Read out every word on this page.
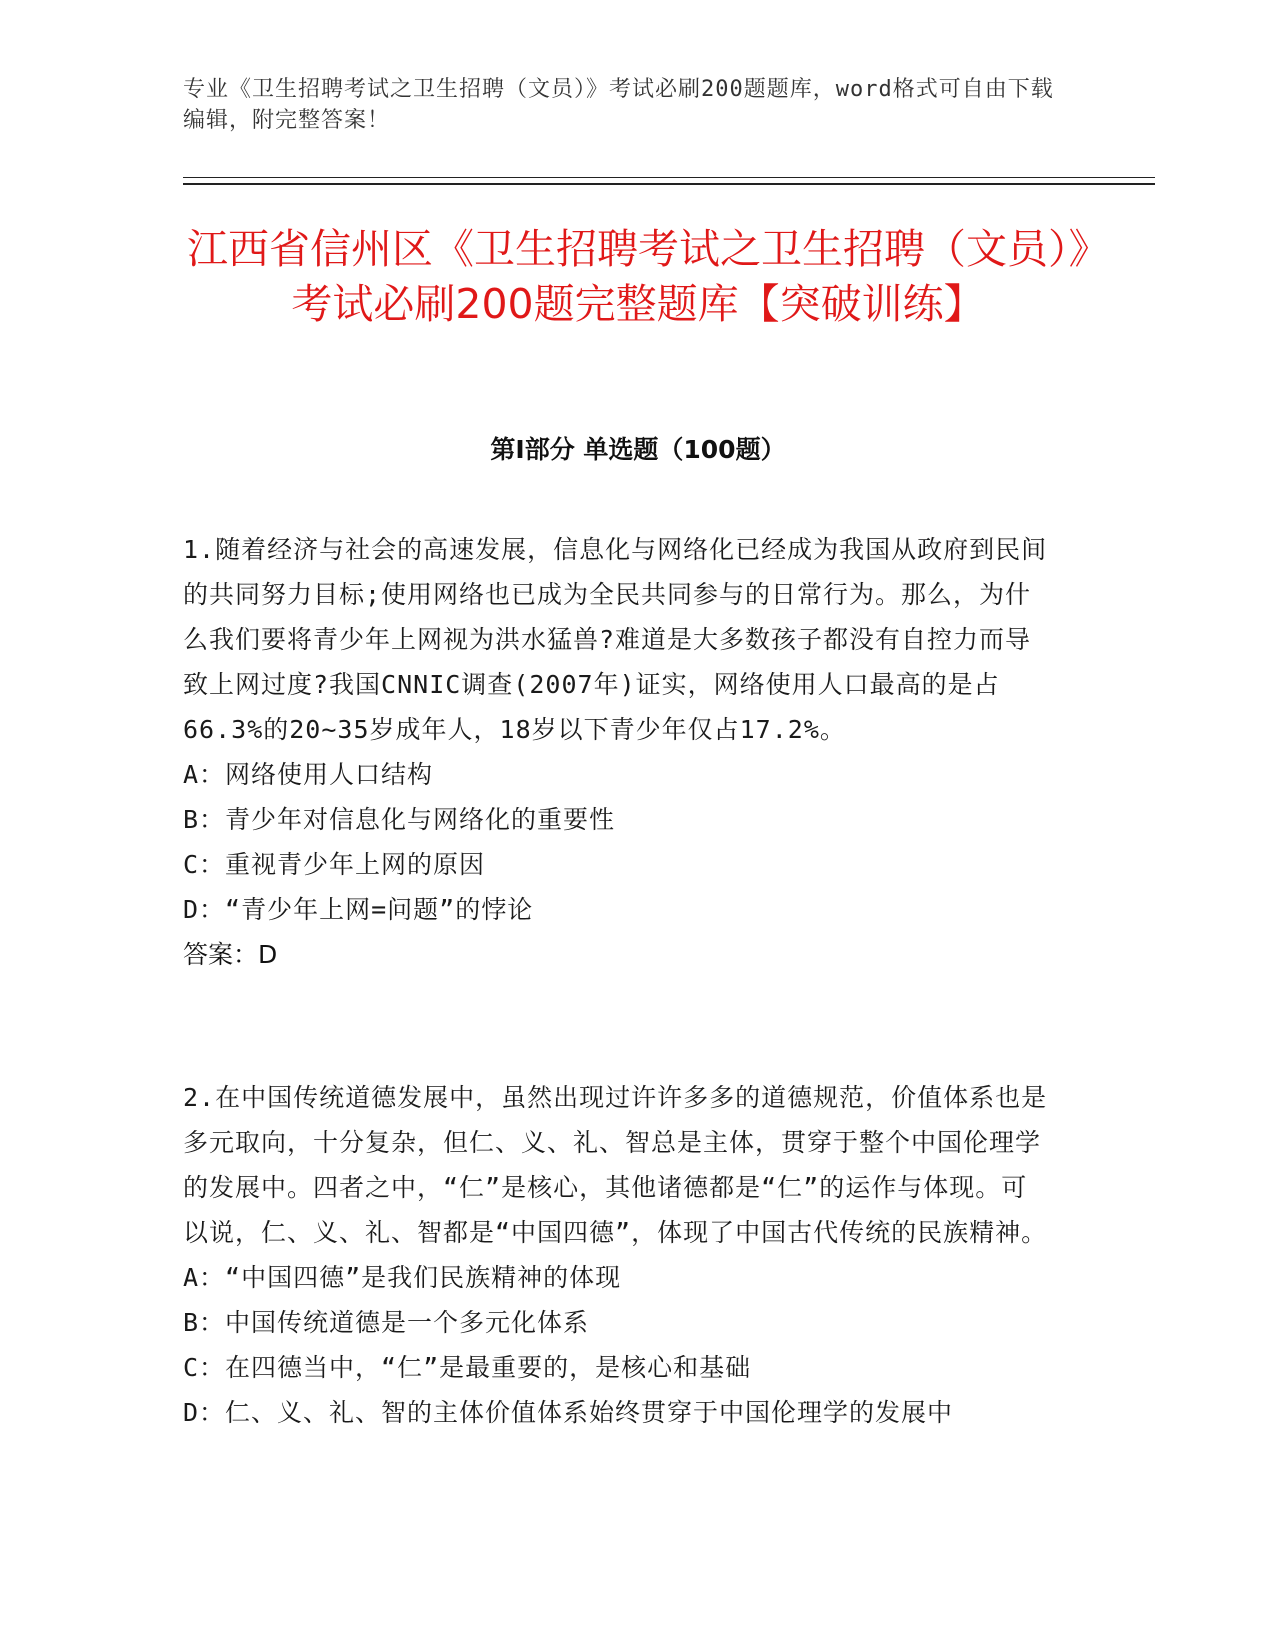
专业《卫生招聘考试之卫生招聘（文员）》考试必刷200题题库，word格式可自由下载编辑，附完整答案！
江西省信州区《卫生招聘考试之卫生招聘（文员）》考试必刷200题完整题库【突破训练】
第I部分 单选题（100题）

1.随着经济与社会的高速发展，信息化与网络化已经成为我国从政府到民间的共同努力目标;使用网络也已成为全民共同参与的日常行为。那么，为什么我们要将青少年上网视为洪水猛兽?难道是大多数孩子都没有自控力而导致上网过度?我国CNNIC调查(2007年)证实，网络使用人口最高的是占66.3%的20~35岁成年人，18岁以下青少年仅占17.2%。

A：网络使用人口结构

B：青少年对信息化与网络化的重要性

C：重视青少年上网的原因

D：“青少年上网=问题”的悖论

答案：D

2.在中国传统道德发展中，虽然出现过许许多多的道德规范，价值体系也是多元取向，十分复杂，但仁、义、礼、智总是主体，贯穿于整个中国伦理学的发展中。四者之中，“仁”是核心，其他诸德都是“仁”的运作与体现。可以说，仁、义、礼、智都是“中国四德”，体现了中国古代传统的民族精神。

A：“中国四德”是我们民族精神的体现

B：中国传统道德是一个多元化体系

C：在四德当中，“仁”是最重要的，是核心和基础

D：仁、义、礼、智的主体价值体系始终贯穿于中国伦理学的发展中
